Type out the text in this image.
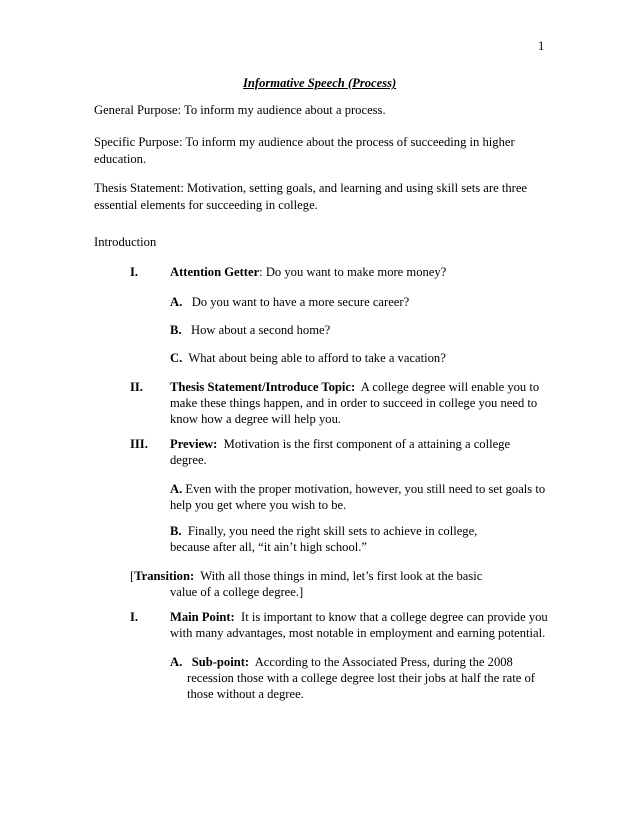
1
Informative Speech (Process)
General Purpose: To inform my audience about a process.
Specific Purpose: To inform my audience about the process of succeeding in higher
education.
Thesis Statement: Motivation, setting goals, and learning and using skill sets are three
essential elements for succeeding in college.
Introduction
I.	Attention Getter: Do you want to make more money?
A.   Do you want to have a more secure career?
B.   How about a second home?
C.  What about being able to afford to take a vacation?
II. Thesis Statement/Introduce Topic:  A college degree will enable you to
make these things happen, and in order to succeed in college you need to
know how a degree will help you.
III. Preview:  Motivation is the first component of a attaining a college
degree.
A. Even with the proper motivation, however, you still need to set goals to
help you get where you wish to be.
B.  Finally, you need the right skill sets to achieve in college,
because after all, “it ain’t high school.”
[Transition:  With all those things in mind, let’s first look at the basic
value of a college degree.]
I.	Main Point:  It is important to know that a college degree can provide you
with many advantages, most notable in employment and earning potential.
A. Sub-point:  According to the Associated Press, during the 2008
recession those with a college degree lost their jobs at half the rate of
those without a degree.
